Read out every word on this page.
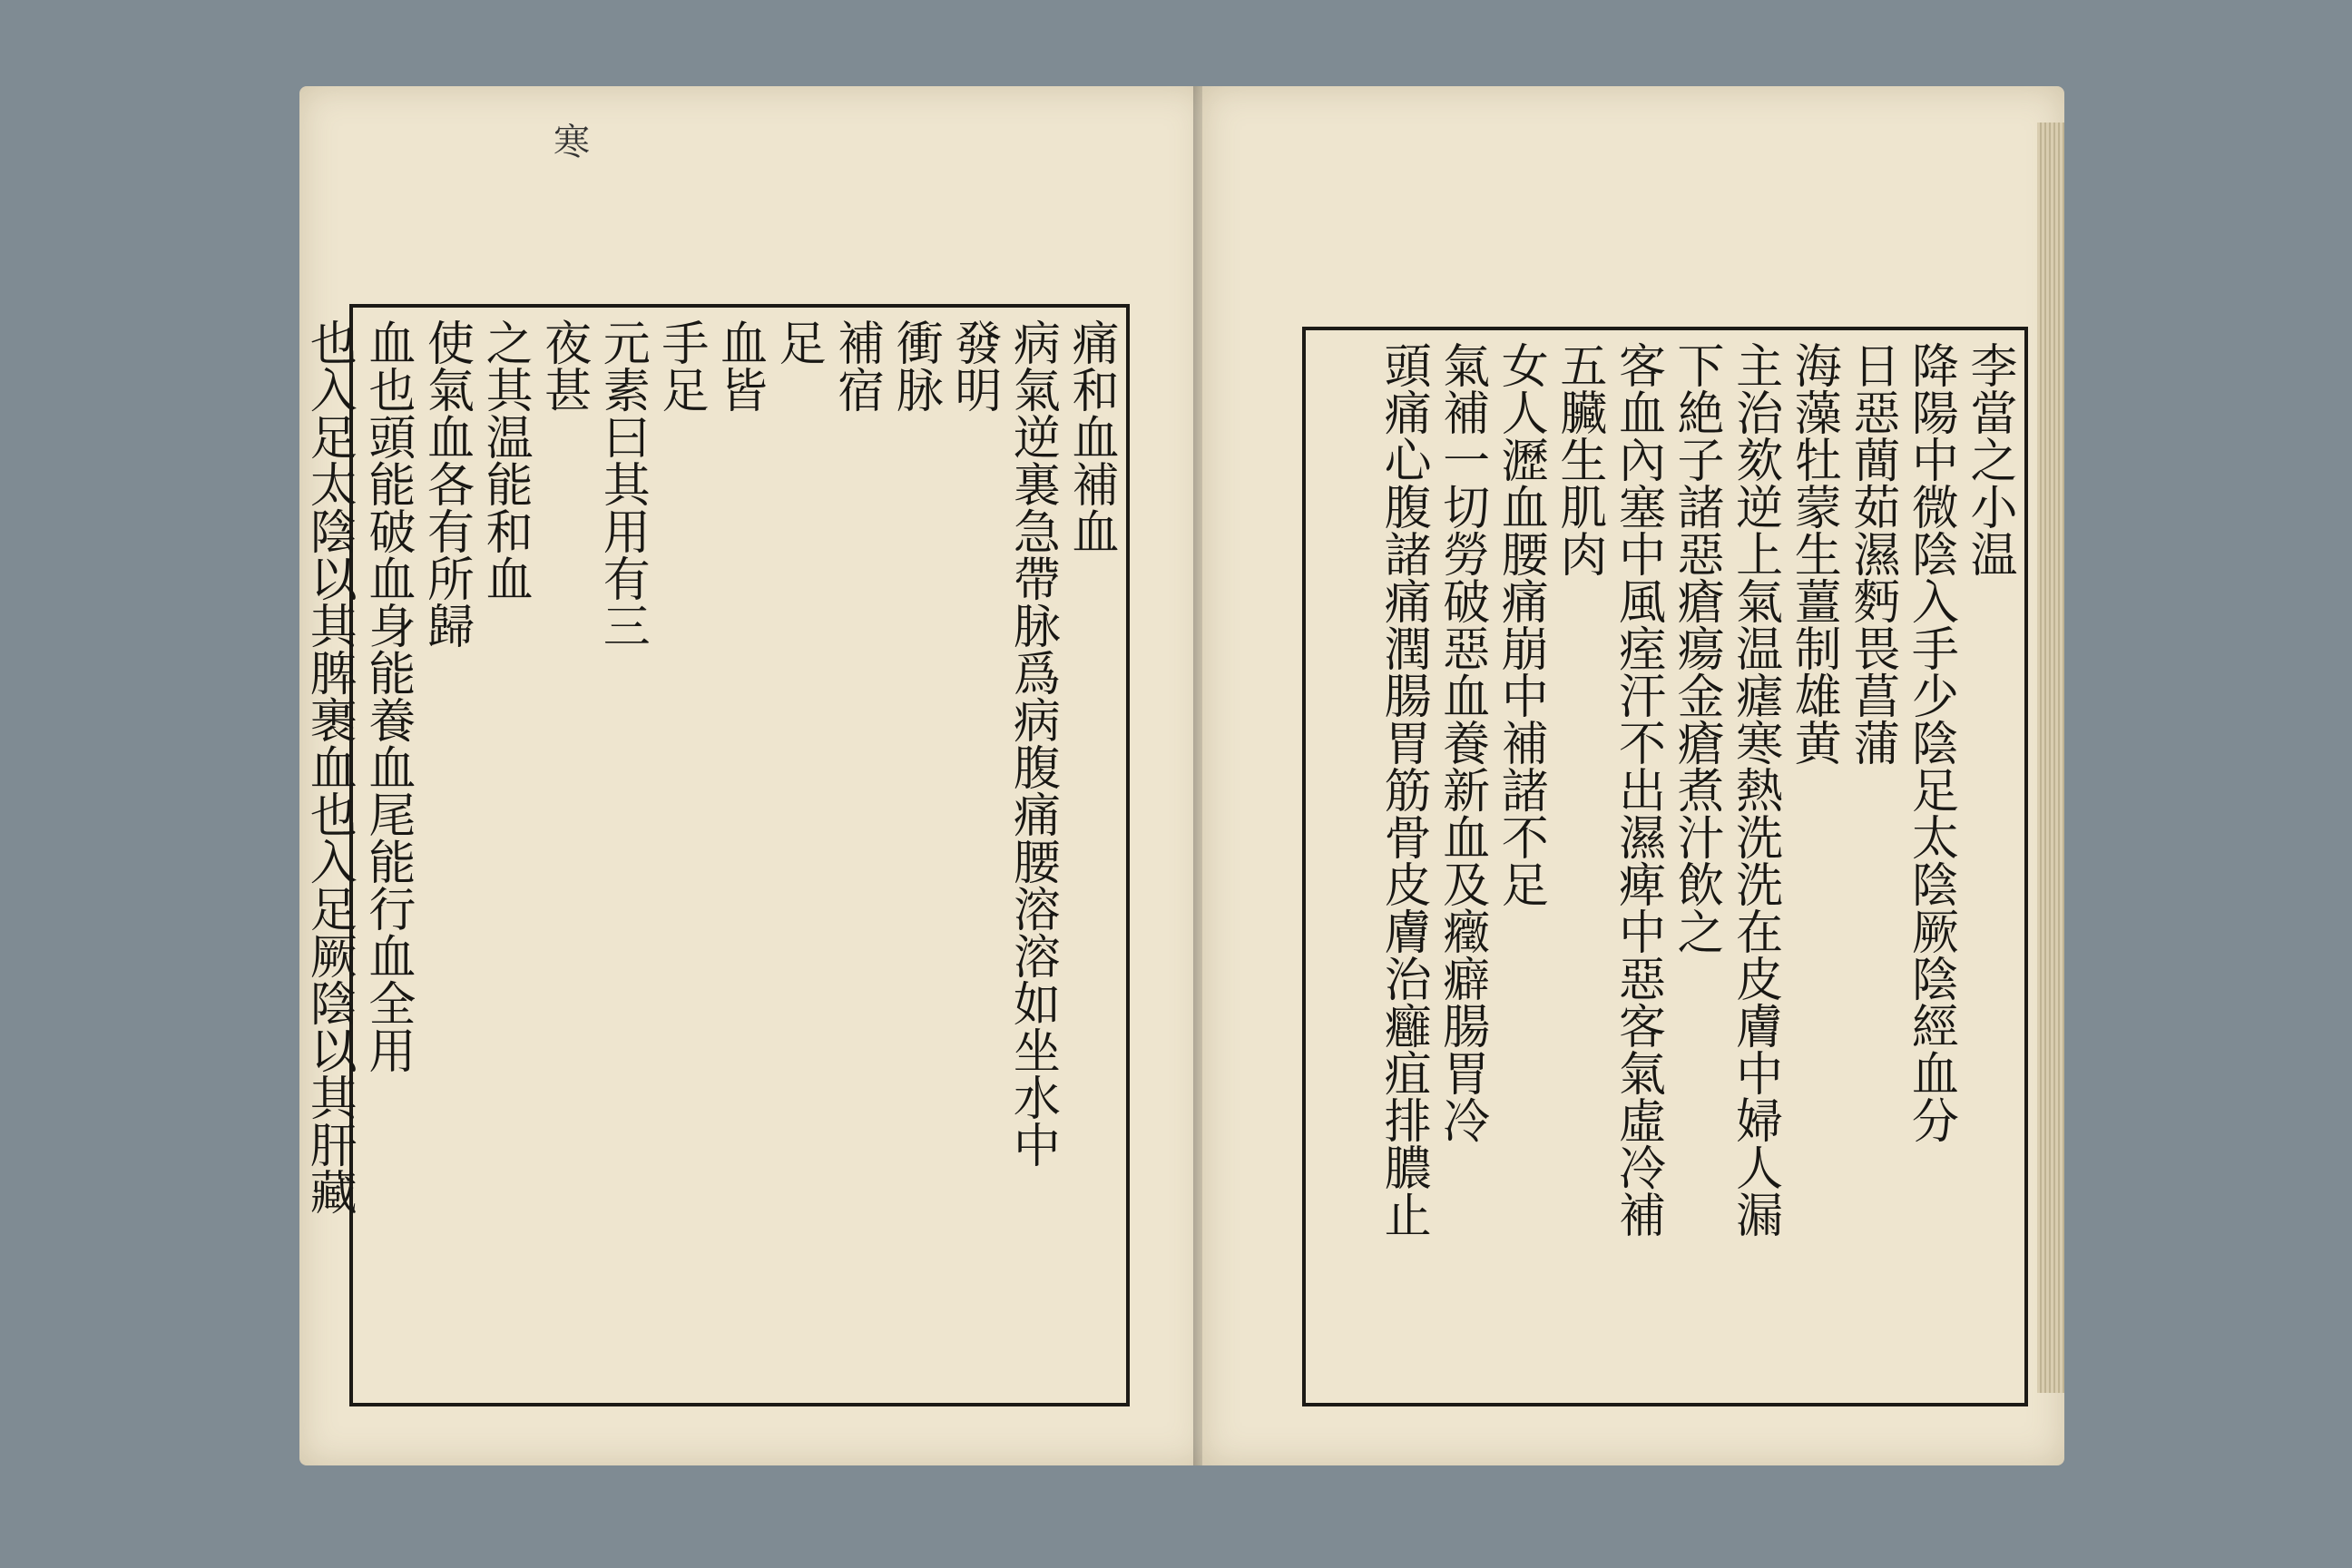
寒
痛和血補血
病氣逆裏急帶脉爲病腹痛腰溶溶如坐水中
發明
衝脉
補宿
足
血皆
手足
元素曰其用有三
夜甚
之其温能和血
使氣血各有所歸
血也頭能破血身能養血尾能行血全用
也入足太陰以其脾裹血也入足厥陰以其肝藏	李當之小温
降陽中微陰入手少陰足太陰厥陰經血分
日惡蕳茹濕麪畏菖蒲
海藻牡蒙生薑制雄黄
主治欬逆上氣温瘧寒熱洗洗在皮膚中婦人漏
下絶子諸惡瘡瘍金瘡煮汁飲之
客血內塞中風痓汗不出濕痺中惡客氣虛冷補
五臟生肌肉
女人瀝血腰痛崩中補諸不足
氣補一切勞破惡血養新血及癥癖腸胃冷
頭痛心腹諸痛潤腸胃筋骨皮膚治癰疽排膿止
